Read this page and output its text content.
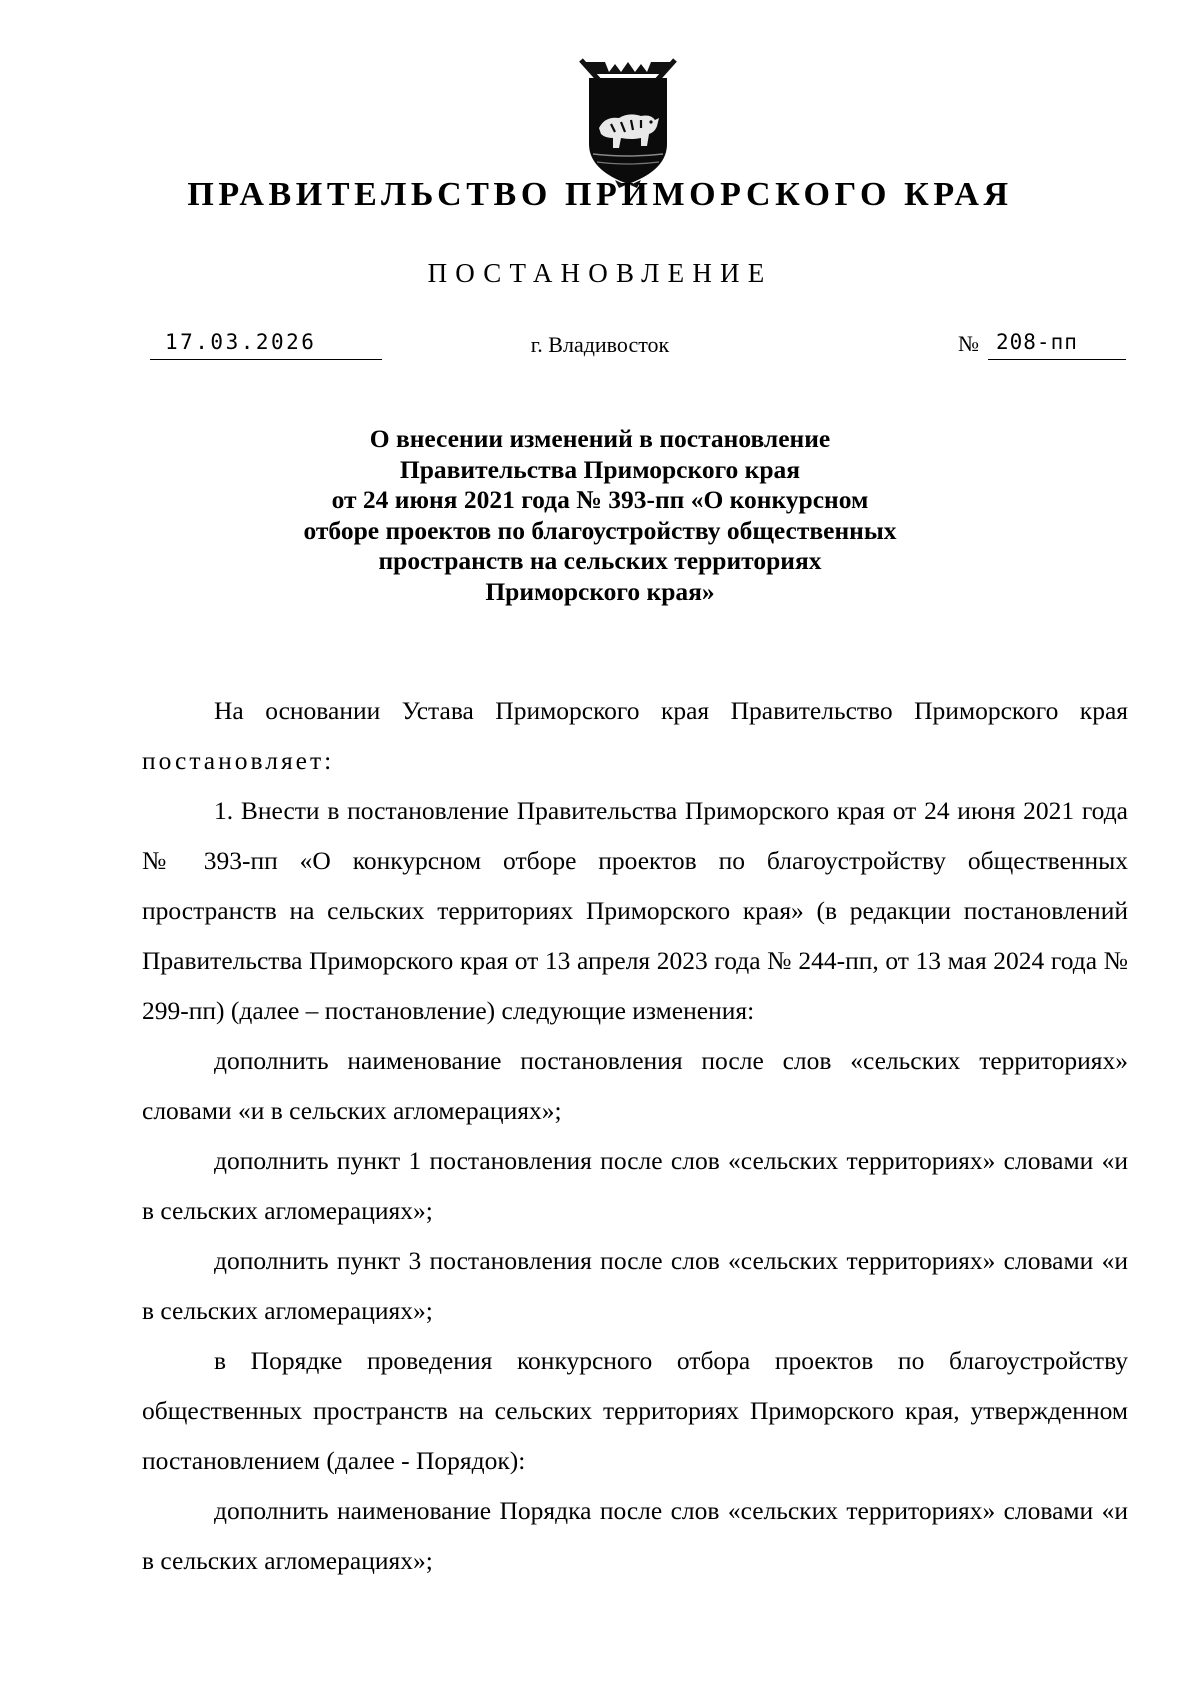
ПРАВИТЕЛЬСТВО ПРИМОРСКОГО КРАЯ
ПОСТАНОВЛЕНИЕ
17.03.2026	г. Владивосток	№ 208-пп
О внесении изменений в постановление
Правительства Приморского края
от 24 июня 2021 года № 393-пп «О конкурсном
отборе проектов по благоустройству общественных
пространств на сельских территориях
Приморского края»

На основании Устава Приморского края Правительство Приморского края постановляет:

1. Внести в постановление Правительства Приморского края от 24 июня 2021 года № 393-пп «О конкурсном отборе проектов по благоустройству общественных пространств на сельских территориях Приморского края» (в редакции постановлений Правительства Приморского края от 13 апреля 2023 года № 244-пп, от 13 мая 2024 года № 299-пп) (далее – постановление) следующие изменения:

дополнить наименование постановления после слов «сельских территориях» словами «и в сельских агломерациях»;

дополнить пункт 1 постановления после слов «сельских территориях» словами «и в сельских агломерациях»;

дополнить пункт 3 постановления после слов «сельских территориях» словами «и в сельских агломерациях»;

в Порядке проведения конкурсного отбора проектов по благоустройству общественных пространств на сельских территориях Приморского края, утвержденном постановлением (далее - Порядок):

дополнить наименование Порядка после слов «сельских территориях» словами «и в сельских агломерациях»;
